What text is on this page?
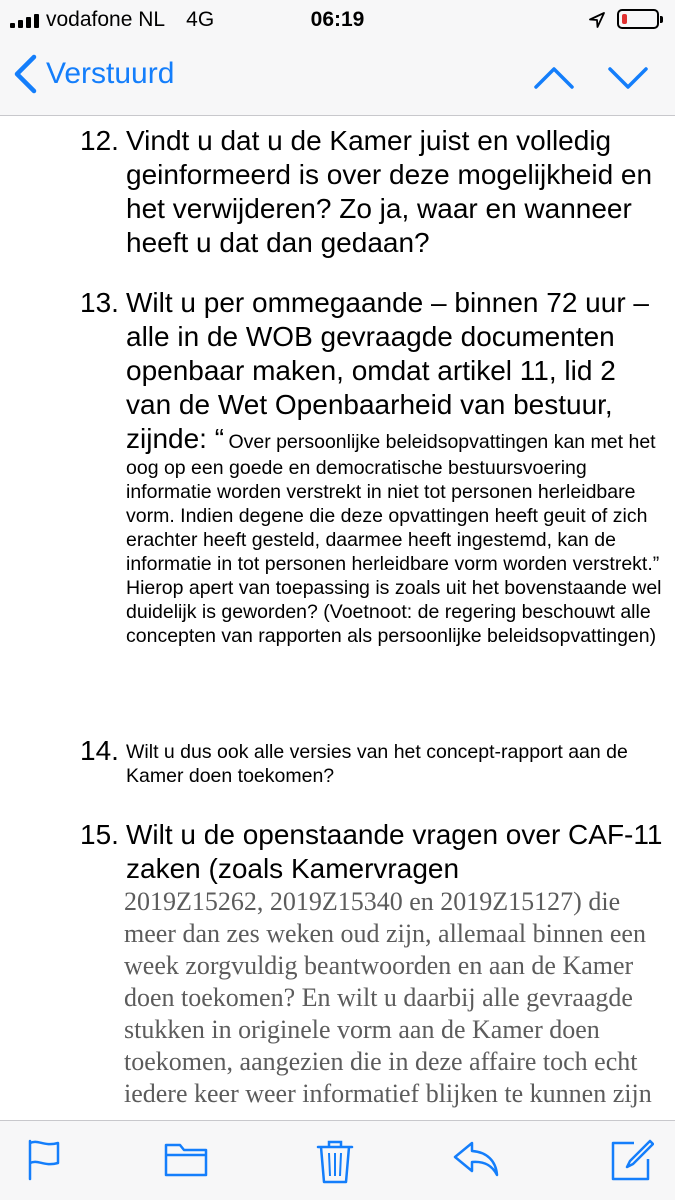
vodafone NL 4G	06:19
Verstuurd
12. Vindt u dat u de Kamer juist en volledig geinformeerd is over deze mogelijkheid en het verwijderen? Zo ja, waar en wanneer heeft u dat dan gedaan?
13. Wilt u per ommegaande – binnen 72 uur – alle in de WOB gevraagde documenten openbaar maken, omdat artikel 11, lid 2 van de Wet Openbaarheid van bestuur, zijnde: “ Over persoonlijke beleidsopvattingen kan met het oog op een goede en democratische bestuursvoering informatie worden verstrekt in niet tot personen herleidbare vorm. Indien degene die deze opvattingen heeft geuit of zich erachter heeft gesteld, daarmee heeft ingestemd, kan de informatie in tot personen herleidbare vorm worden verstrekt.” Hierop apert van toepassing is zoals uit het bovenstaande wel duidelijk is geworden? (Voetnoot: de regering beschouwt alle concepten van rapporten als persoonlijke beleidsopvattingen)
14. Wilt u dus ook alle versies van het concept-rapport aan de Kamer doen toekomen?
15. Wilt u de openstaande vragen over CAF-11 zaken (zoals Kamervragen
2019Z15262, 2019Z15340 en 2019Z15127) die meer dan zes weken oud zijn, allemaal binnen een week zorgvuldig beantwoorden en aan de Kamer doen toekomen? En wilt u daarbij alle gevraagde stukken in originele vorm aan de Kamer doen toekomen, aangezien die in deze affaire toch echt iedere keer weer informatief blijken te kunnen zijn
